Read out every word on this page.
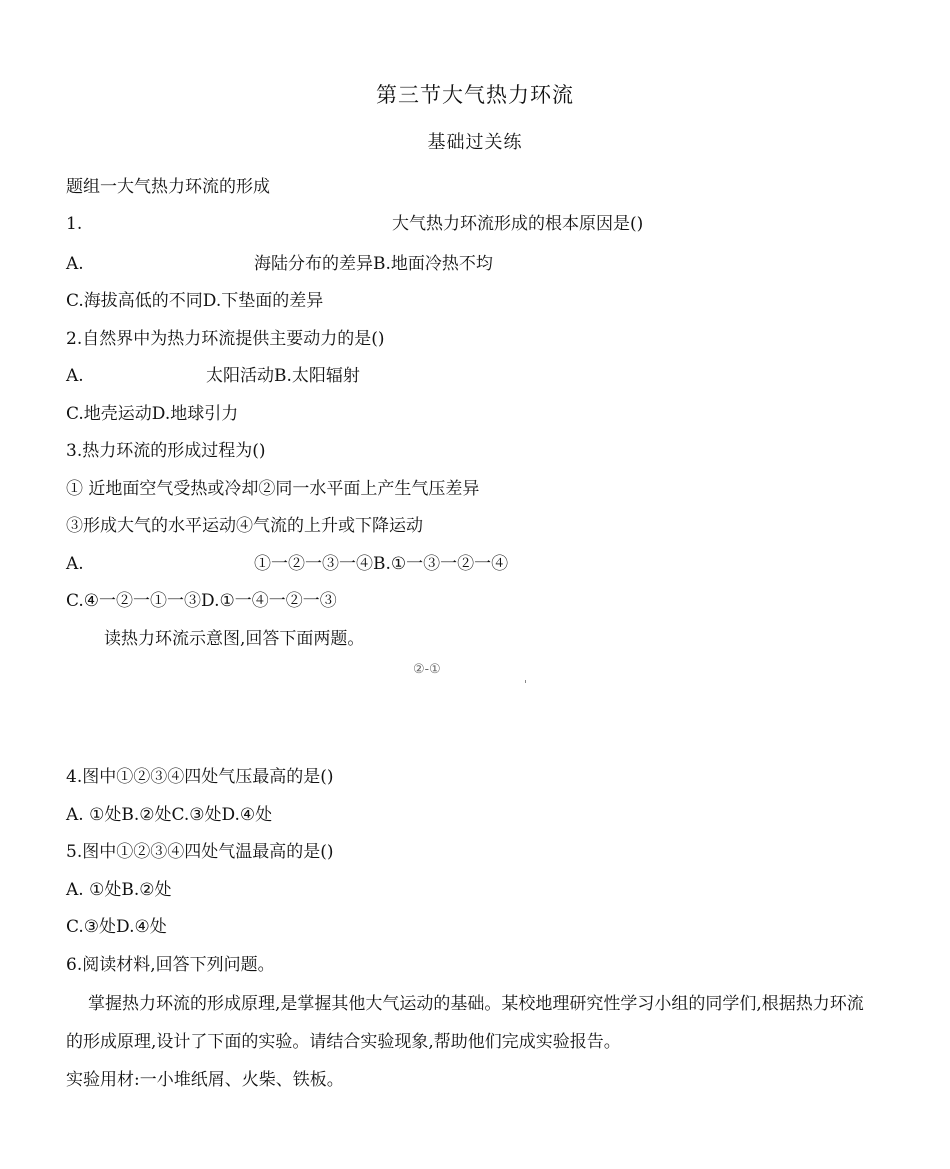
第三节大气热力环流
基础过关练
题组一大气热力环流的形成
1.	大气热力环流形成的根本原因是()
A.	海陆分布的差异B.地面冷热不均
C.海拔高低的不同D.下垫面的差异
2.自然界中为热力环流提供主要动力的是()
A.	太阳活动B.太阳辐射
C.地壳运动D.地球引力
3.热力环流的形成过程为()
① 近地面空气受热或冷却②同一水平面上产生气压差异
③形成大气的水平运动④气流的上升或下降运动
A.	①一②一③一④B.①一③一②一④
C.④一②一①一③D.①一④一②一③
读热力环流示意图,回答下面两题。
②-①
4.图中①②③④四处气压最高的是()
A. ①处B.②处C.③处D.④处
5.图中①②③④四处气温最高的是()
A. ①处B.②处
C.③处D.④处
6.阅读材料,回答下列问题。
掌握热力环流的形成原理,是掌握其他大气运动的基础。某校地理研究性学习小组的同学们,根据热力环流的形成原理,设计了下面的实验。请结合实验现象,帮助他们完成实验报告。
实验用材:一小堆纸屑、火柴、铁板。
